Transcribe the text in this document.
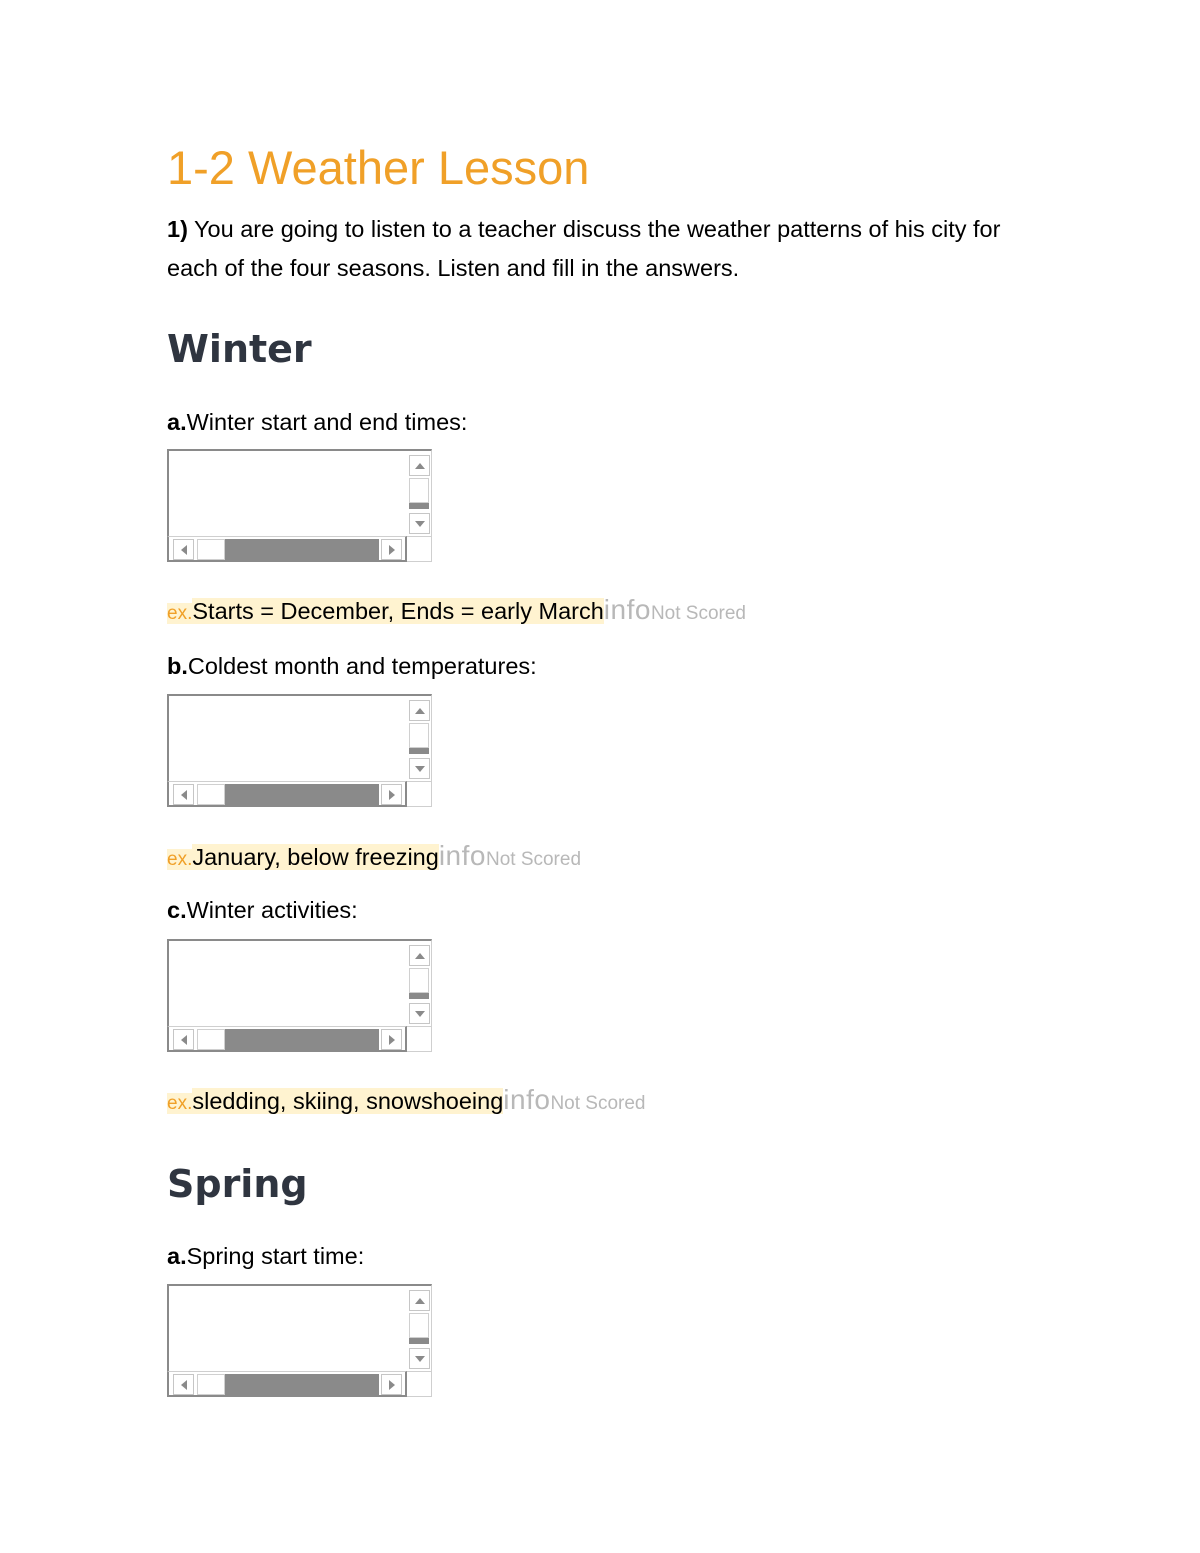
1-2 Weather Lesson
1) You are going to listen to a teacher discuss the weather patterns of his city for each of the four seasons. Listen and fill in the answers.
Winter
a.Winter start and end times:
ex.Starts = December, Ends = early MarchinfoNot Scored
b.Coldest month and temperatures:
ex.January, below freezinginfoNot Scored
c.Winter activities:
ex.sledding, skiing, snowshoeinginfoNot Scored
Spring
a.Spring start time:
